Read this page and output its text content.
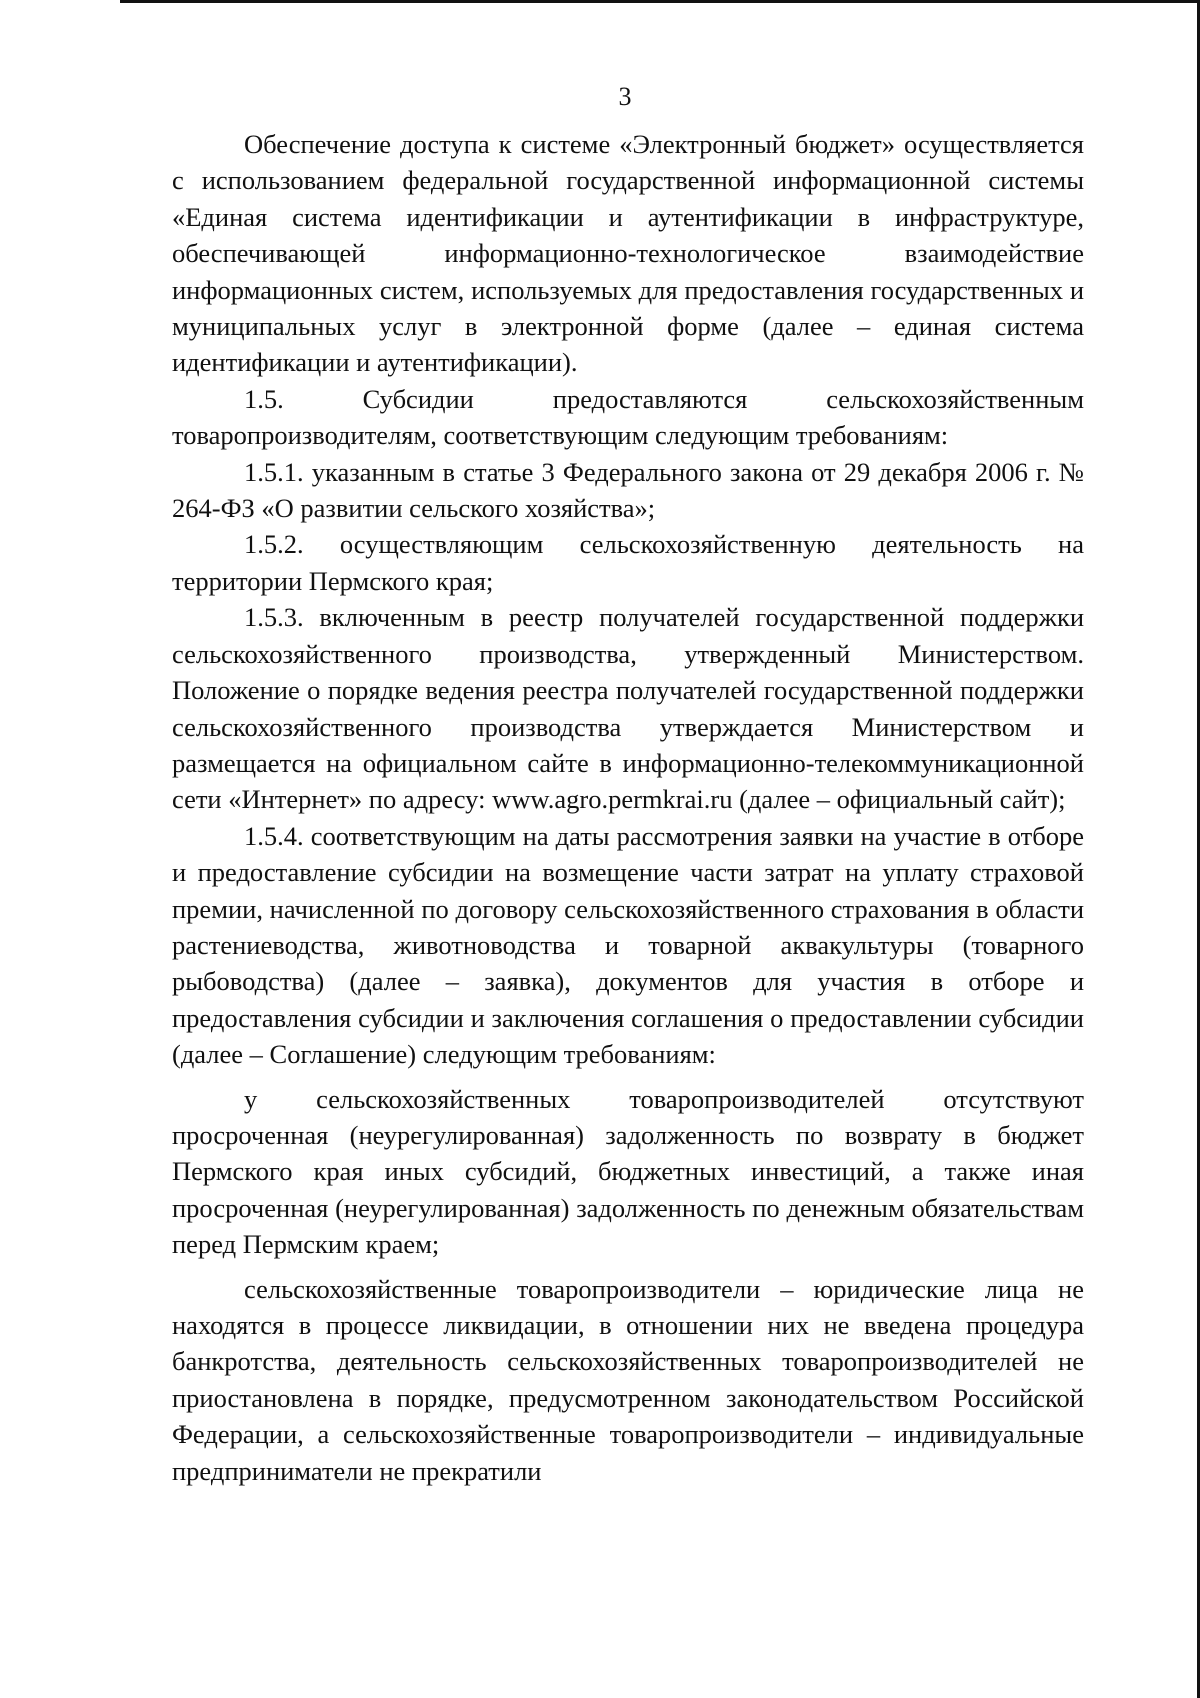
3

Обеспечение доступа к системе «Электронный бюджет» осуществляется с использованием федеральной государственной информационной системы «Единая система идентификации и аутентификации в инфраструктуре, обеспечивающей информационно-технологическое взаимодействие информационных систем, используемых для предоставления государственных и муниципальных услуг в электронной форме (далее – единая система идентификации и аутентификации).

1.5. Субсидии предоставляются сельскохозяйственным товаропроизводителям, соответствующим следующим требованиям:

1.5.1. указанным в статье 3 Федерального закона от 29 декабря 2006 г. № 264-ФЗ «О развитии сельского хозяйства»;

1.5.2. осуществляющим сельскохозяйственную деятельность на территории Пермского края;

1.5.3. включенным в реестр получателей государственной поддержки сельскохозяйственного производства, утвержденный Министерством. Положение о порядке ведения реестра получателей государственной поддержки сельскохозяйственного производства утверждается Министерством и размещается на официальном сайте в информационно-телекоммуникационной сети «Интернет» по адресу: www.agro.permkrai.ru (далее – официальный сайт);

1.5.4. соответствующим на даты рассмотрения заявки на участие в отборе и предоставление субсидии на возмещение части затрат на уплату страховой премии, начисленной по договору сельскохозяйственного страхования в области растениеводства, животноводства и товарной аквакультуры (товарного рыбоводства) (далее – заявка), документов для участия в отборе и предоставления субсидии и заключения соглашения о предоставлении субсидии (далее – Соглашение) следующим требованиям:

у сельскохозяйственных товаропроизводителей отсутствуют просроченная (неурегулированная) задолженность по возврату в бюджет Пермского края иных субсидий, бюджетных инвестиций, а также иная просроченная (неурегулированная) задолженность по денежным обязательствам перед Пермским краем;

сельскохозяйственные товаропроизводители – юридические лица не находятся в процессе ликвидации, в отношении них не введена процедура банкротства, деятельность сельскохозяйственных товаропроизводителей не приостановлена в порядке, предусмотренном законодательством Российской Федерации, а сельскохозяйственные товаропроизводители – индивидуальные предприниматели не прекратили
